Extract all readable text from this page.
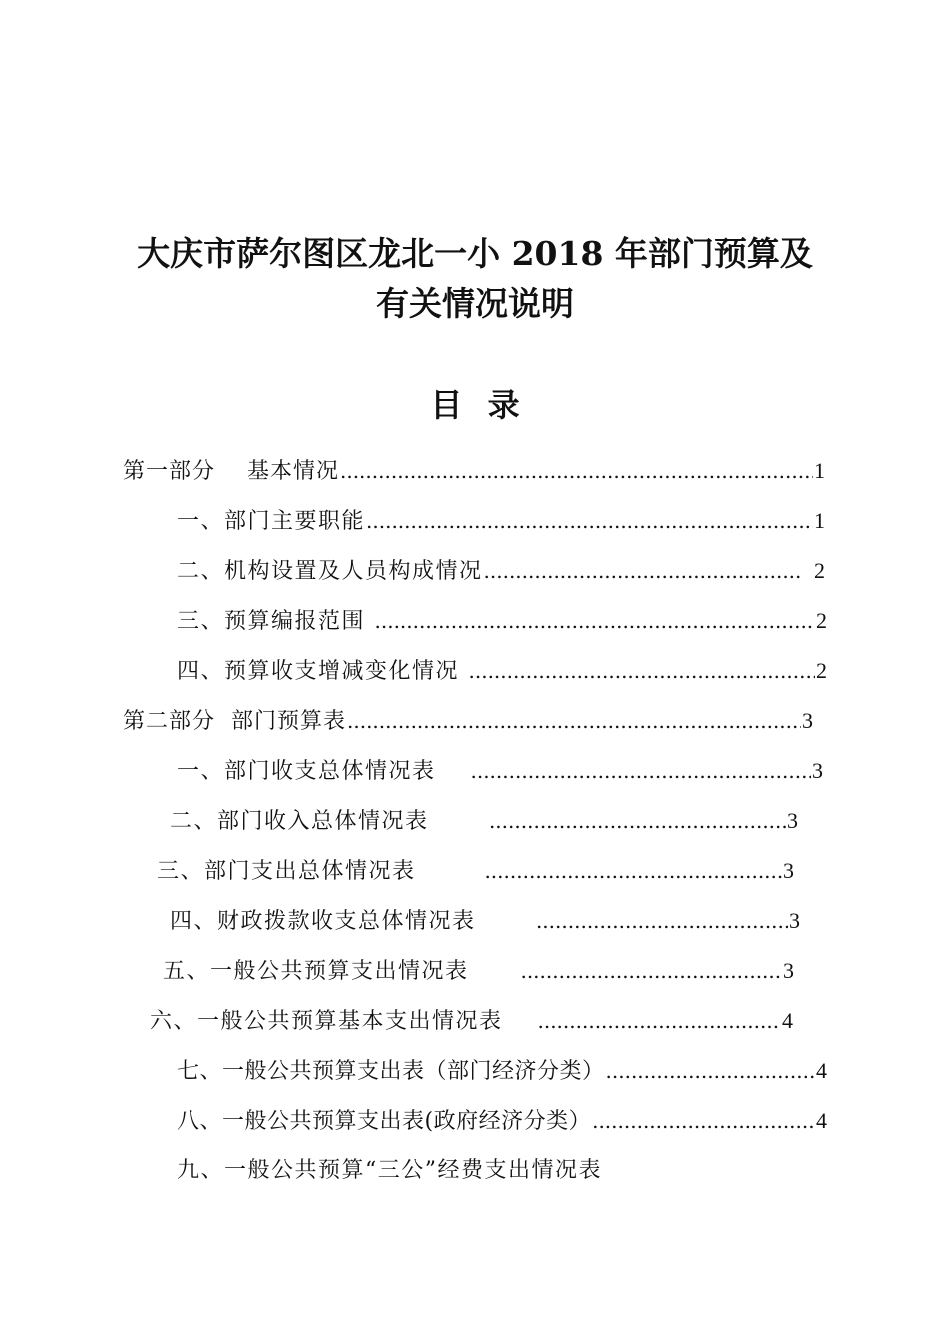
大庆市萨尔图区龙北一小 2018 年部门预算及
有关情况说明
目 录
第一部分    基本情况 .....	1
一、部门主要职能 .....	1
二、机构设置及人员构成情况 .....	2
三、预算编报范围 .....	2
四、预算收支增减变化情况 .....	2
第二部分  部门预算表 .....	3
一、部门收支总体情况表 .....	3
二、部门收入总体情况表 .....	3
三、部门支出总体情况表 .....	3
四、财政拨款收支总体情况表 .....	3
五、一般公共预算支出情况表 .....	3
六、一般公共预算基本支出情况表 .....	4
七、一般公共预算支出表（部门经济分类） .....	4
八、一般公共预算支出表(政府经济分类） .....	4
九、一般公共预算“三公”经费支出情况表
